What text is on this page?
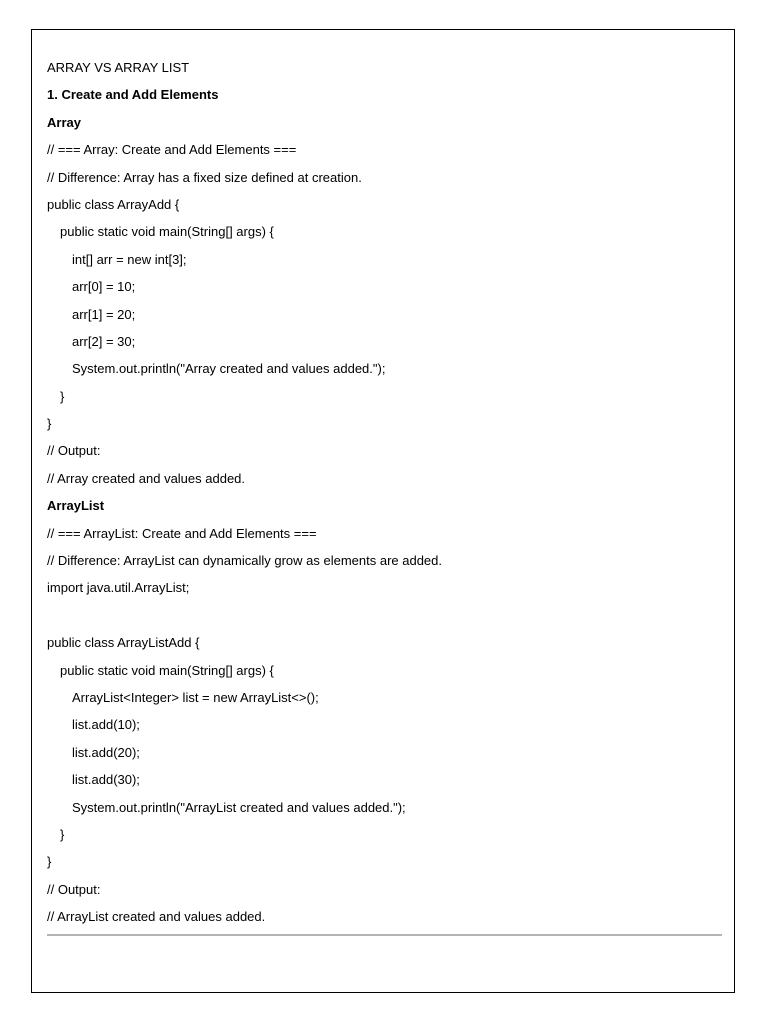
ARRAY VS ARRAY LIST
1. Create and Add Elements
Array
// === Array: Create and Add Elements ===
// Difference: Array has a fixed size defined at creation.
public class ArrayAdd {
public static void main(String[] args) {
int[] arr = new int[3];
arr[0] = 10;
arr[1] = 20;
arr[2] = 30;
System.out.println("Array created and values added.");
}
}
// Output:
// Array created and values added.
ArrayList
// === ArrayList: Create and Add Elements ===
// Difference: ArrayList can dynamically grow as elements are added.
import java.util.ArrayList;
public class ArrayListAdd {
public static void main(String[] args) {
ArrayList<Integer> list = new ArrayList<>();
list.add(10);
list.add(20);
list.add(30);
System.out.println("ArrayList created and values added.");
}
}
// Output:
// ArrayList created and values added.
